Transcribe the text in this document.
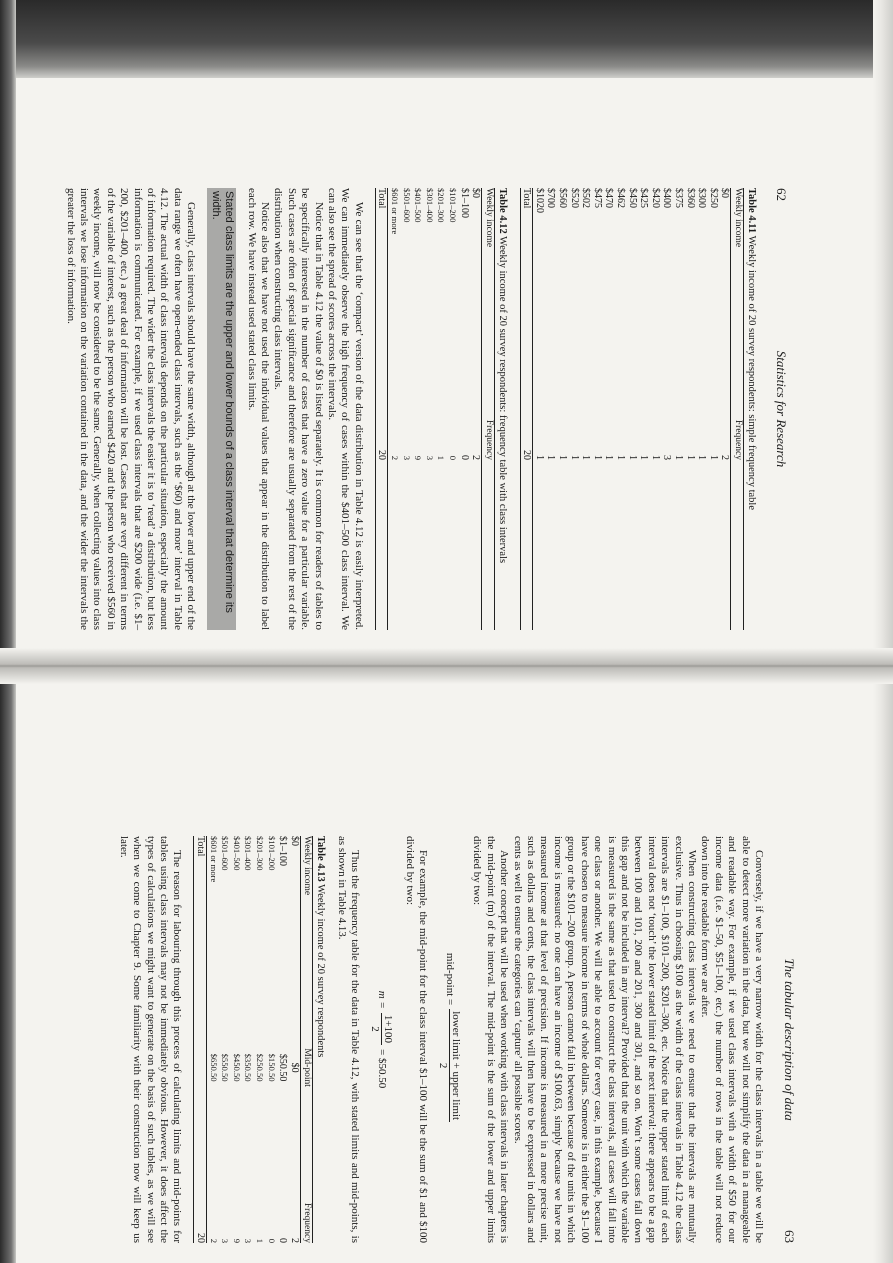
62
Statistics for Research
Table 4.11 Weekly income of 20 survey respondents: simple frequency table
Weekly income	Frequency
$0	2
$250	1
$300	1
$360	1
$375	1
$400	3
$420	1
$425	1
$450	1
$462	1
$470	1
$475	1
$502	1
$520	1
$560	1
$700	1
$1020	1
Total	20
Table 4.12 Weekly income of 20 survey respondents: frequency table with class intervals
Weekly income	Frequency
$0	2
$1–100	0
$101–200	0
$201–300	1
$301–400	3
$401–500	9
$501–600	3
$601 or more	2
Total	20

We can see that the ‘compact’ version of the data distribution in Table 4.12 is easily interpreted. We can immediately observe the high frequency of cases within the $401–500 class interval. We can also see the spread of scores across the intervals.

Notice that in Table 4.12 the value of $0 is listed separately. It is common for readers of tables to be specifically interested in the number of cases that have a zero value for a particular variable. Such cases are often of special significance and therefore are usually separated from the rest of the distribution when constructing class intervals.

Notice also that we have not used the individual values that appear in the distribution to label each row. We have instead used stated class limits.

Stated class limits are the upper and lower bounds of a class interval that determine its width.

Generally, class intervals should have the same width, although at the lower and upper end of the data range we often have open-ended class intervals, such as the ‘$60) and more’ interval in Table 4.12. The actual width of class intervals depends on the particular situation, especially the amount of information required. The wider the class intervals the easier it is to ‘read’ a distribution, but less information is communicated. For example, if we used class intervals that are $200 wide (i.e. $1–200, $201–400, etc.) a great deal of information will be lost. Cases that are very different in terms of the variable of interest, such as the person who earned $420 and the person who received $560 in weekly income, will now be considered to be the same. Generally, when collecting values into class intervals we lose information on the variation contained in the data, and the wider the intervals the greater the loss of information.

The tabular description of data
63

Conversely, if we have a very narrow width for the class intervals in a table we will be able to detect more variation in the data, but we will not simplify the data in a manageable and readable way. For example, if we used class intervals with a width of $50 for our income data (i.e. $1–50, $51–100, etc.) the number of rows in the table will not reduce down into the readable form we are after.

When constructing class intervals we need to ensure that the intervals are mutually exclusive. Thus in choosing $100 as the width of the class intervals in Table 4.12 the class intervals are $1–100, $101–200, $201–300, etc. Notice that the upper stated limit of each interval does not ‘touch’ the lower stated limit of the next interval: there appears to be a gap between 100 and 101, 200 and 201, 300 and 301, and so on. Won’t some cases fall down this gap and not be included in any interval? Provided that the unit with which the variable is measured is the same as that used to construct the class intervals, all cases will fall into one class or another. We will be able to account for every case, in this example, because I have chosen to measure income in terms of whole dollars. Someone is in either the $1–100 group or the $101–200 group. A person cannot fall in between because of the units in which income is measured: no one can have an income of $100.63, simply because we have not measured income at that level of precision. If income is measured in a more precise unit, such as dollars and cents, the class intervals will then have to be expressed in dollars and cents as well to ensure the categories can ‘capture’ all possible scores.

Another concept that will be used when working with class intervals in later chapters is the mid-point (m) of the interval. The mid-point is the sum of the lower and upper limits divided by two:

mid-point =
lower limit + upper limit
2

For example, the mid-point for the class interval $1–100 will be the sum of $1 and $100 divided by two:

m =
1+100
2
= $50.50

Thus the frequency table for the data in Table 4.12, with stated limits and mid-points, is as shown in Table 4.13.

Table 4.13 Weekly income of 20 survey respondents
Weekly income	Mid-point	Frequency
$0	$0	2
$1–100	$50.50	0
$101–200	$150.50	0
$201–300	$250.50	1
$301–400	$350.50	3
$401–500	$450.50	9
$501–600	$550.50	3
$601 or more	$650.50	2
Total		20

The reason for labouring through this process of calculating limits and mid-points for tables using class intervals may not be immediately obvious. However, it does affect the types of calculations we might want to generate on the basis of such tables, as we will see when we come to Chapter 9. Some familiarity with their construction now will keep us later.
